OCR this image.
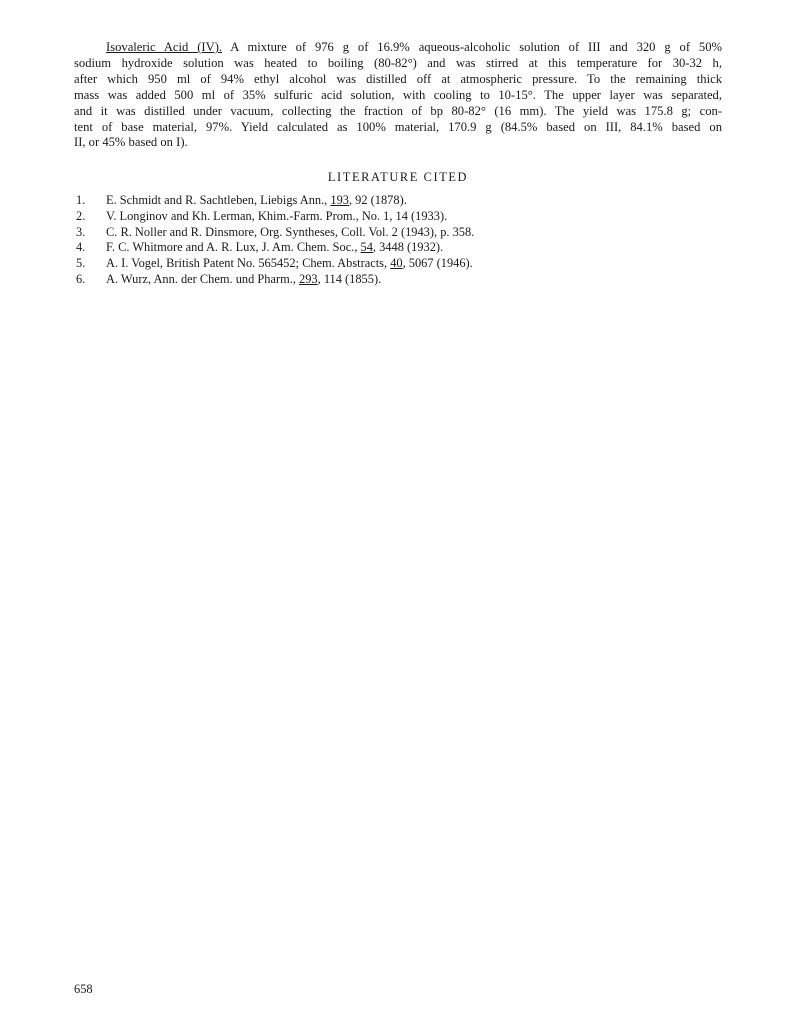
Isovaleric Acid (IV). A mixture of 976 g of 16.9% aqueous-alcoholic solution of III and 320 g of 50%
sodium hydroxide solution was heated to boiling (80-82°) and was stirred at this temperature for 30-32 h,
after which 950 ml of 94% ethyl alcohol was distilled off at atmospheric pressure. To the remaining thick
mass was added 500 ml of 35% sulfuric acid solution, with cooling to 10-15°. The upper layer was separated,
and it was distilled under vacuum, collecting the fraction of bp 80-82° (16 mm). The yield was 175.8 g; con-
tent of base material, 97%. Yield calculated as 100% material, 170.9 g (84.5% based on III, 84.1% based on
II, or 45% based on I).
LITERATURE CITED
1.	E. Schmidt and R. Sachtleben, Liebigs Ann., 193, 92 (1878).
2.	V. Longinov and Kh. Lerman, Khim.-Farm. Prom., No. 1, 14 (1933).
3.	C. R. Noller and R. Dinsmore, Org. Syntheses, Coll. Vol. 2 (1943), p. 358.
4.	F. C. Whitmore and A. R. Lux, J. Am. Chem. Soc., 54, 3448 (1932).
5.	A. I. Vogel, British Patent No. 565452; Chem. Abstracts, 40, 5067 (1946).
6.	A. Wurz, Ann. der Chem. und Pharm., 293, 114 (1855).
658
